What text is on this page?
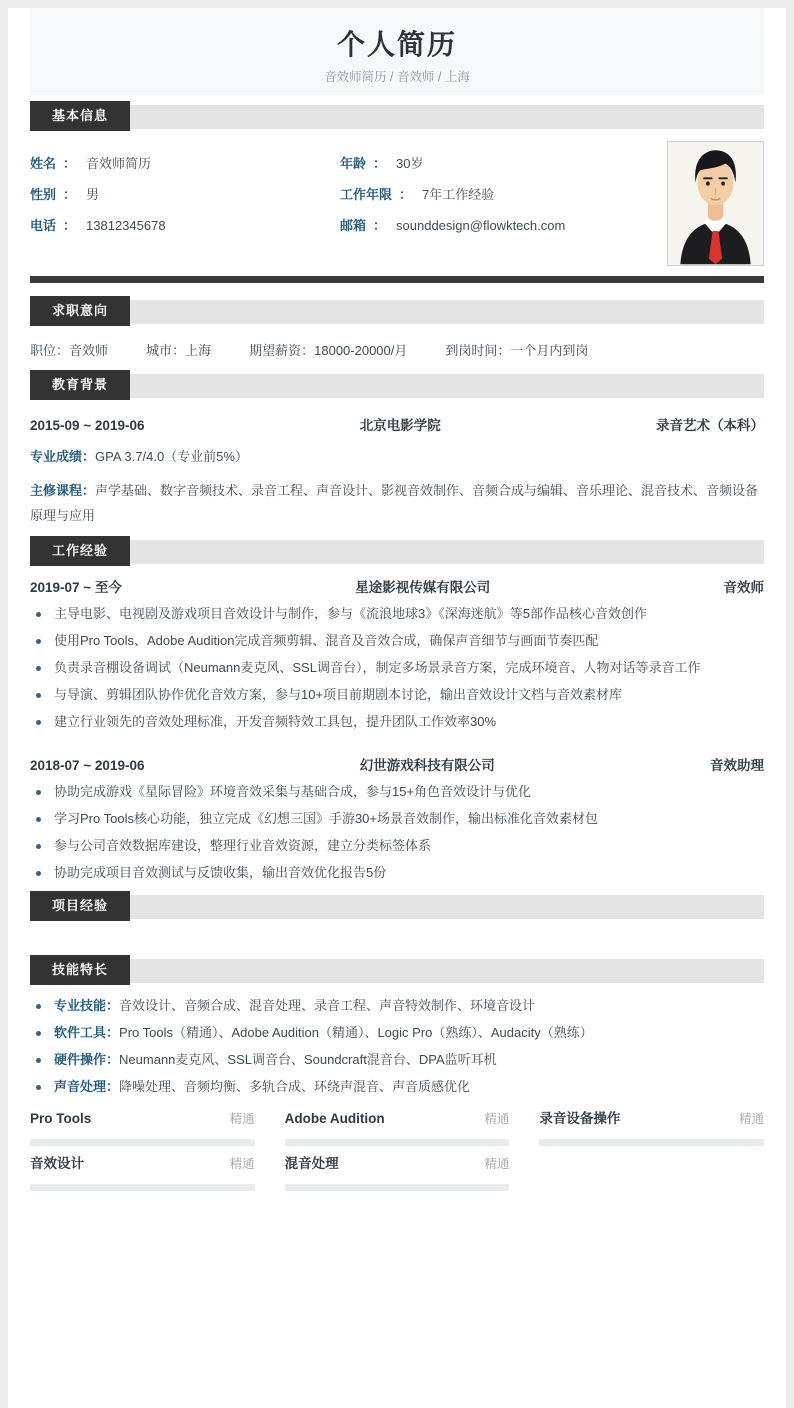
个人简历
音效师简历 / 音效师 / 上海
基本信息
姓名 ： 音效师简历	年龄 ： 30岁
性别 ： 男	工作年限 ： 7年工作经验
电话 ： 13812345678	邮箱 ： sounddesign@flowktech.com
求职意向
职位：音效师	城市：上海	期望薪资：18000-20000/月	到岗时间：一个月内到岗
教育背景
2015-09 ~ 2019-06	北京电影学院	录音艺术（本科）
专业成绩：GPA 3.7/4.0（专业前5%）
主修课程：声学基础、数字音频技术、录音工程、声音设计、影视音效制作、音频合成与编辑、音乐理论、混音技术、音频设备原理与应用
工作经验
2019-07 ~ 至今	星途影视传媒有限公司	音效师
主导电影、电视剧及游戏项目音效设计与制作，参与《流浪地球3》《深海迷航》等5部作品核心音效创作
使用Pro Tools、Adobe Audition完成音频剪辑、混音及音效合成，确保声音细节与画面节奏匹配
负责录音棚设备调试（Neumann麦克风、SSL调音台），制定多场景录音方案，完成环境音、人物对话等录音工作
与导演、剪辑团队协作优化音效方案，参与10+项目前期剧本讨论，输出音效设计文档与音效素材库
建立行业领先的音效处理标准，开发音频特效工具包，提升团队工作效率30%
2018-07 ~ 2019-06	幻世游戏科技有限公司	音效助理
协助完成游戏《星际冒险》环境音效采集与基础合成，参与15+角色音效设计与优化
学习Pro Tools核心功能，独立完成《幻想三国》手游30+场景音效制作，输出标准化音效素材包
参与公司音效数据库建设，整理行业音效资源，建立分类标签体系
协助完成项目音效测试与反馈收集，输出音效优化报告5份
项目经验
技能特长
专业技能：音效设计、音频合成、混音处理、录音工程、声音特效制作、环境音设计
软件工具：Pro Tools（精通）、Adobe Audition（精通）、Logic Pro（熟练）、Audacity（熟练）
硬件操作：Neumann麦克风、SSL调音台、Soundcraft混音台、DPA监听耳机
声音处理：降噪处理、音频均衡、多轨合成、环绕声混音、声音质感优化
Pro Tools	精通 Adobe Audition	精通 录音设备操作	精通
音效设计	精通 混音处理	精通
